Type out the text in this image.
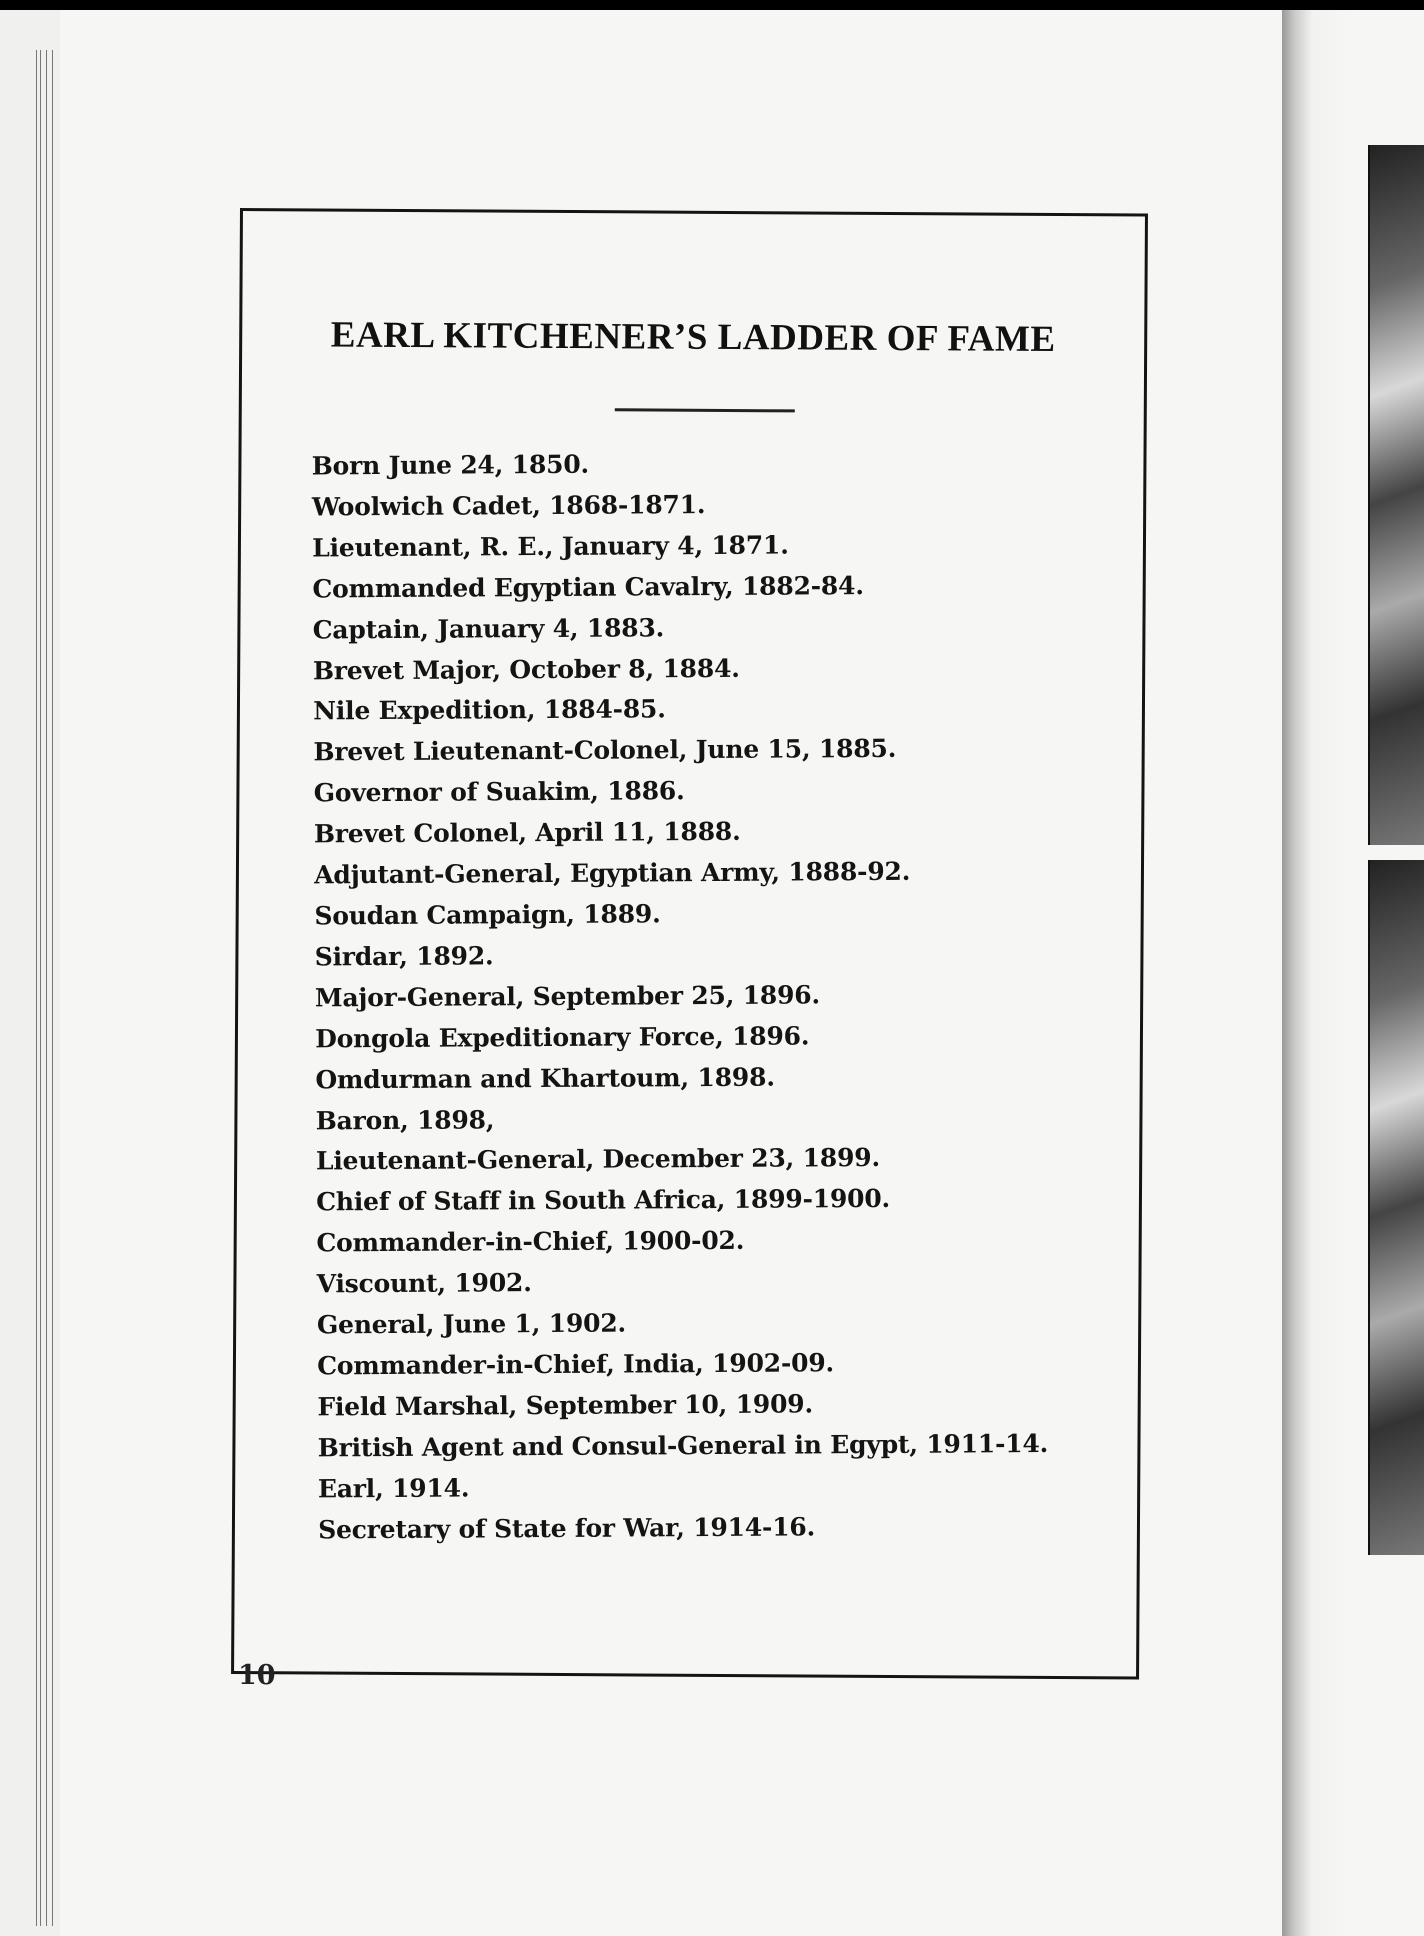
EARL KITCHENER’S LADDER OF FAME
Born June 24, 1850.
Woolwich Cadet, 1868-1871.
Lieutenant, R. E., January 4, 1871.
Commanded Egyptian Cavalry, 1882-84.
Captain, January 4, 1883.
Brevet Major, October 8, 1884.
Nile Expedition, 1884-85.
Brevet Lieutenant-Colonel, June 15, 1885.
Governor of Suakim, 1886.
Brevet Colonel, April 11, 1888.
Adjutant-General, Egyptian Army, 1888-92.
Soudan Campaign, 1889.
Sirdar, 1892.
Major-General, September 25, 1896.
Dongola Expeditionary Force, 1896.
Omdurman and Khartoum, 1898.
Baron, 1898,
Lieutenant-General, December 23, 1899.
Chief of Staff in South Africa, 1899-1900.
Commander-in-Chief, 1900-02.
Viscount, 1902.
General, June 1, 1902.
Commander-in-Chief, India, 1902-09.
Field Marshal, September 10, 1909.
British Agent and Consul-General in Egypt, 1911-14.
Earl, 1914.
Secretary of State for War, 1914-16.
10
